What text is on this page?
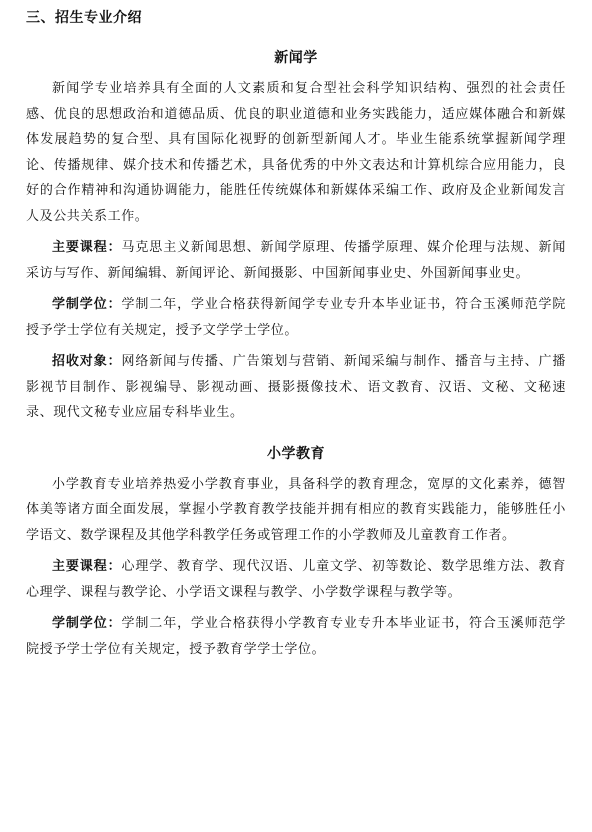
三、招生专业介绍
新闻学

新闻学专业培养具有全面的人文素质和复合型社会科学知识结构、强烈的社会责任感、优良的思想政治和道德品质、优良的职业道德和业务实践能力，适应媒体融合和新媒体发展趋势的复合型、具有国际化视野的创新型新闻人才。毕业生能系统掌握新闻学理论、传播规律、媒介技术和传播艺术，具备优秀的中外文表达和计算机综合应用能力，良好的合作精神和沟通协调能力，能胜任传统媒体和新媒体采编工作、政府及企业新闻发言人及公共关系工作。

主要课程：马克思主义新闻思想、新闻学原理、传播学原理、媒介伦理与法规、新闻采访与写作、新闻编辑、新闻评论、新闻摄影、中国新闻事业史、外国新闻事业史。

学制学位：学制二年，学业合格获得新闻学专业专升本毕业证书，符合玉溪师范学院授予学士学位有关规定，授予文学学士学位。

招收对象：网络新闻与传播、广告策划与营销、新闻采编与制作、播音与主持、广播影视节目制作、影视编导、影视动画、摄影摄像技术、语文教育、汉语、文秘、文秘速录、现代文秘专业应届专科毕业生。

小学教育

小学教育专业培养热爱小学教育事业，具备科学的教育理念，宽厚的文化素养，德智体美等诸方面全面发展，掌握小学教育教学技能并拥有相应的教育实践能力，能够胜任小学语文、数学课程及其他学科教学任务或管理工作的小学教师及儿童教育工作者。

主要课程：心理学、教育学、现代汉语、儿童文学、初等数论、数学思维方法、教育心理学、课程与教学论、小学语文课程与教学、小学数学课程与教学等。

学制学位：学制二年，学业合格获得小学教育专业专升本毕业证书，符合玉溪师范学院授予学士学位有关规定，授予教育学学士学位。
